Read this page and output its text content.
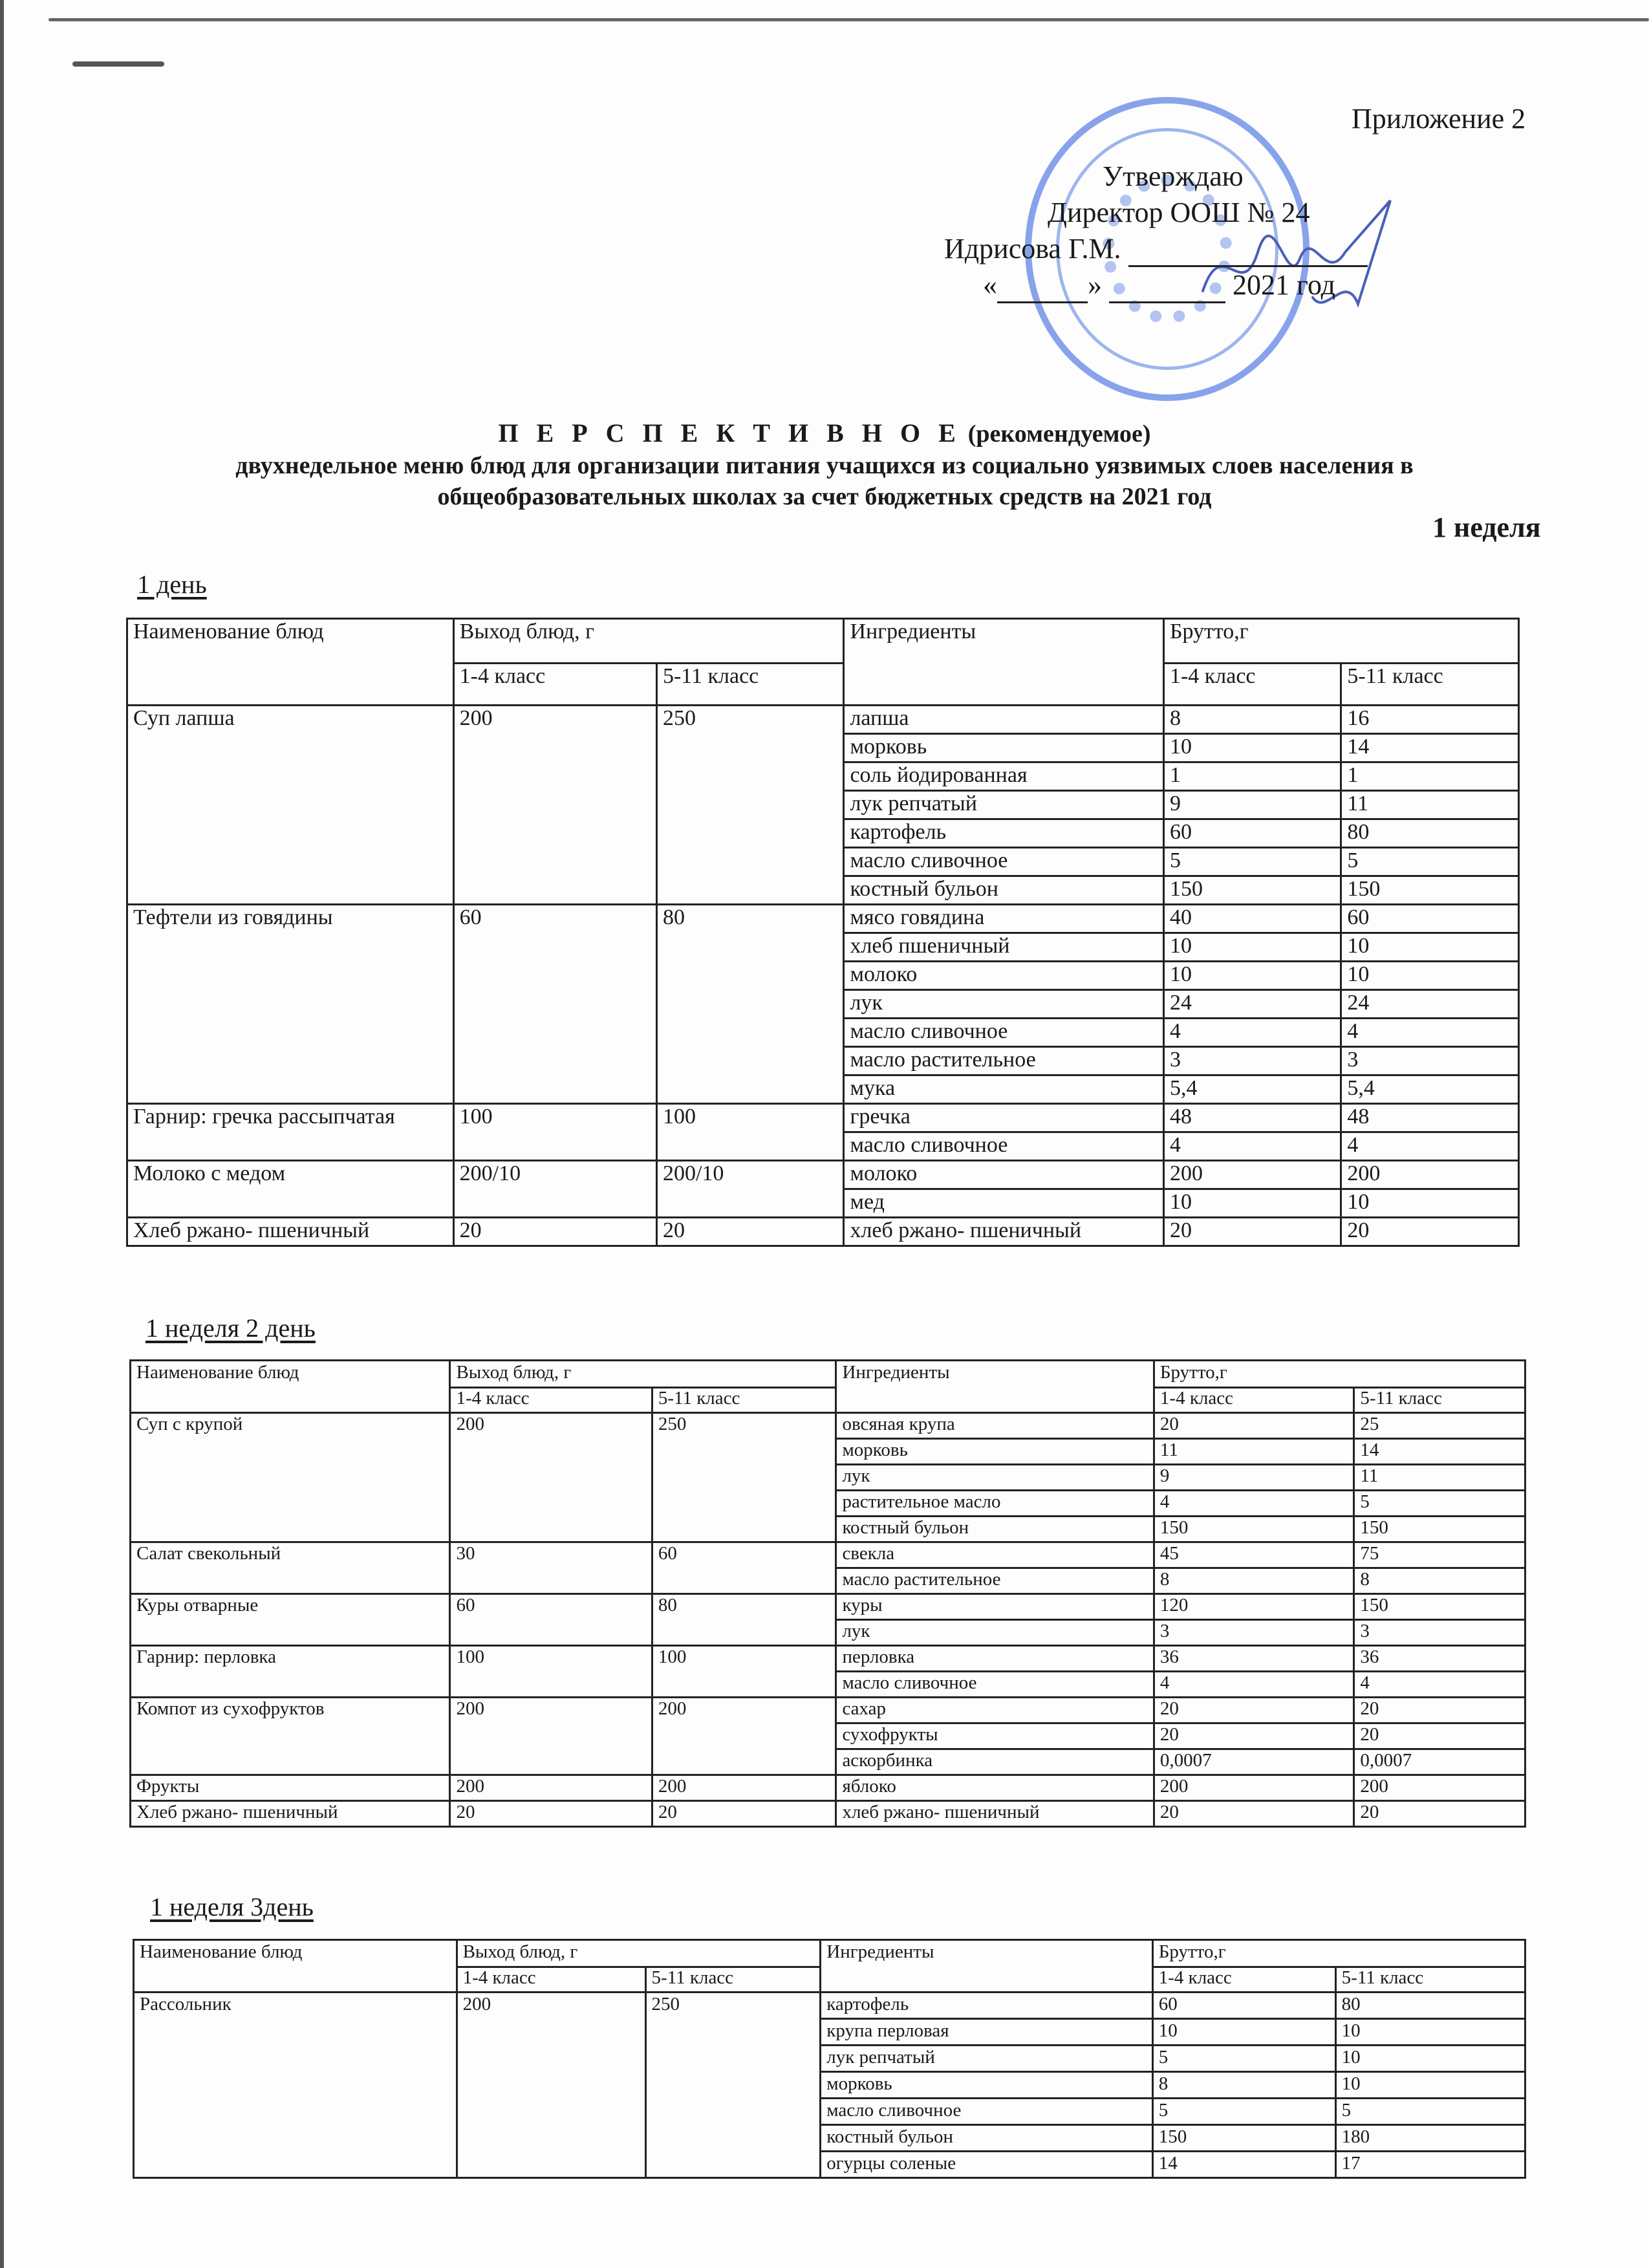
Приложение 2
Утверждаю
Директор ООШ № 24
Идрисова Г.М.
«	»	2021 год
П Е Р С П Е К Т И В Н О Е (рекомендуемое)
двухнедельное меню блюд для организации питания учащихся из социально уязвимых слоев населения в
общеобразовательных школах за счет бюджетных средств на 2021 год
1 неделя
1 день
Наименование блюд	Выход блюд, г		Ингредиенты	Брутто,г	
	1-4 класс	5-11 класс		1-4 класс	5-11 класс
Суп лапша	200	250	лапша	8	16
			морковь	10	14
			соль йодированная	1	1
			лук репчатый	9	11
			картофель	60	80
			масло сливочное	5	5
			костный бульон	150	150
Тефтели из говядины	60	80	мясо говядина	40	60
			хлеб пшеничный	10	10
			молоко	10	10
			лук	24	24
			масло сливочное	4	4
			масло растительное	3	3
			мука	5,4	5,4
Гарнир: гречка рассыпчатая	100	100	гречка	48	48
			масло сливочное	4	4
Молоко с медом	200/10	200/10	молоко	200	200
			мед	10	10
Хлеб ржано- пшеничный	20	20	хлеб ржано- пшеничный	20	20
1 неделя 2 день
Наименование блюд	Выход блюд, г		Ингредиенты	Брутто,г	
	1-4 класс	5-11 класс		1-4 класс	5-11 класс
Суп с крупой	200	250	овсяная крупа	20	25
			морковь	11	14
			лук	9	11
			растительное масло	4	5
			костный бульон	150	150
Салат свекольный	30	60	свекла	45	75
			масло растительное	8	8
Куры отварные	60	80	куры	120	150
			лук	3	3
Гарнир: перловка	100	100	перловка	36	36
			масло сливочное	4	4
Компот из сухофруктов	200	200	сахар	20	20
			сухофрукты	20	20
			аскорбинка	0,0007	0,0007
Фрукты	200	200	яблоко	200	200
Хлеб ржано- пшеничный	20	20	хлеб ржано- пшеничный	20	20
1 неделя 3день
Наименование блюд	Выход блюд, г		Ингредиенты	Брутто,г	
	1-4 класс	5-11 класс		1-4 класс	5-11 класс
Рассольник	200	250	картофель	60	80
			крупа перловая	10	10
			лук репчатый	5	10
			морковь	8	10
			масло сливочное	5	5
			костный бульон	150	180
			огурцы соленые	14	17
